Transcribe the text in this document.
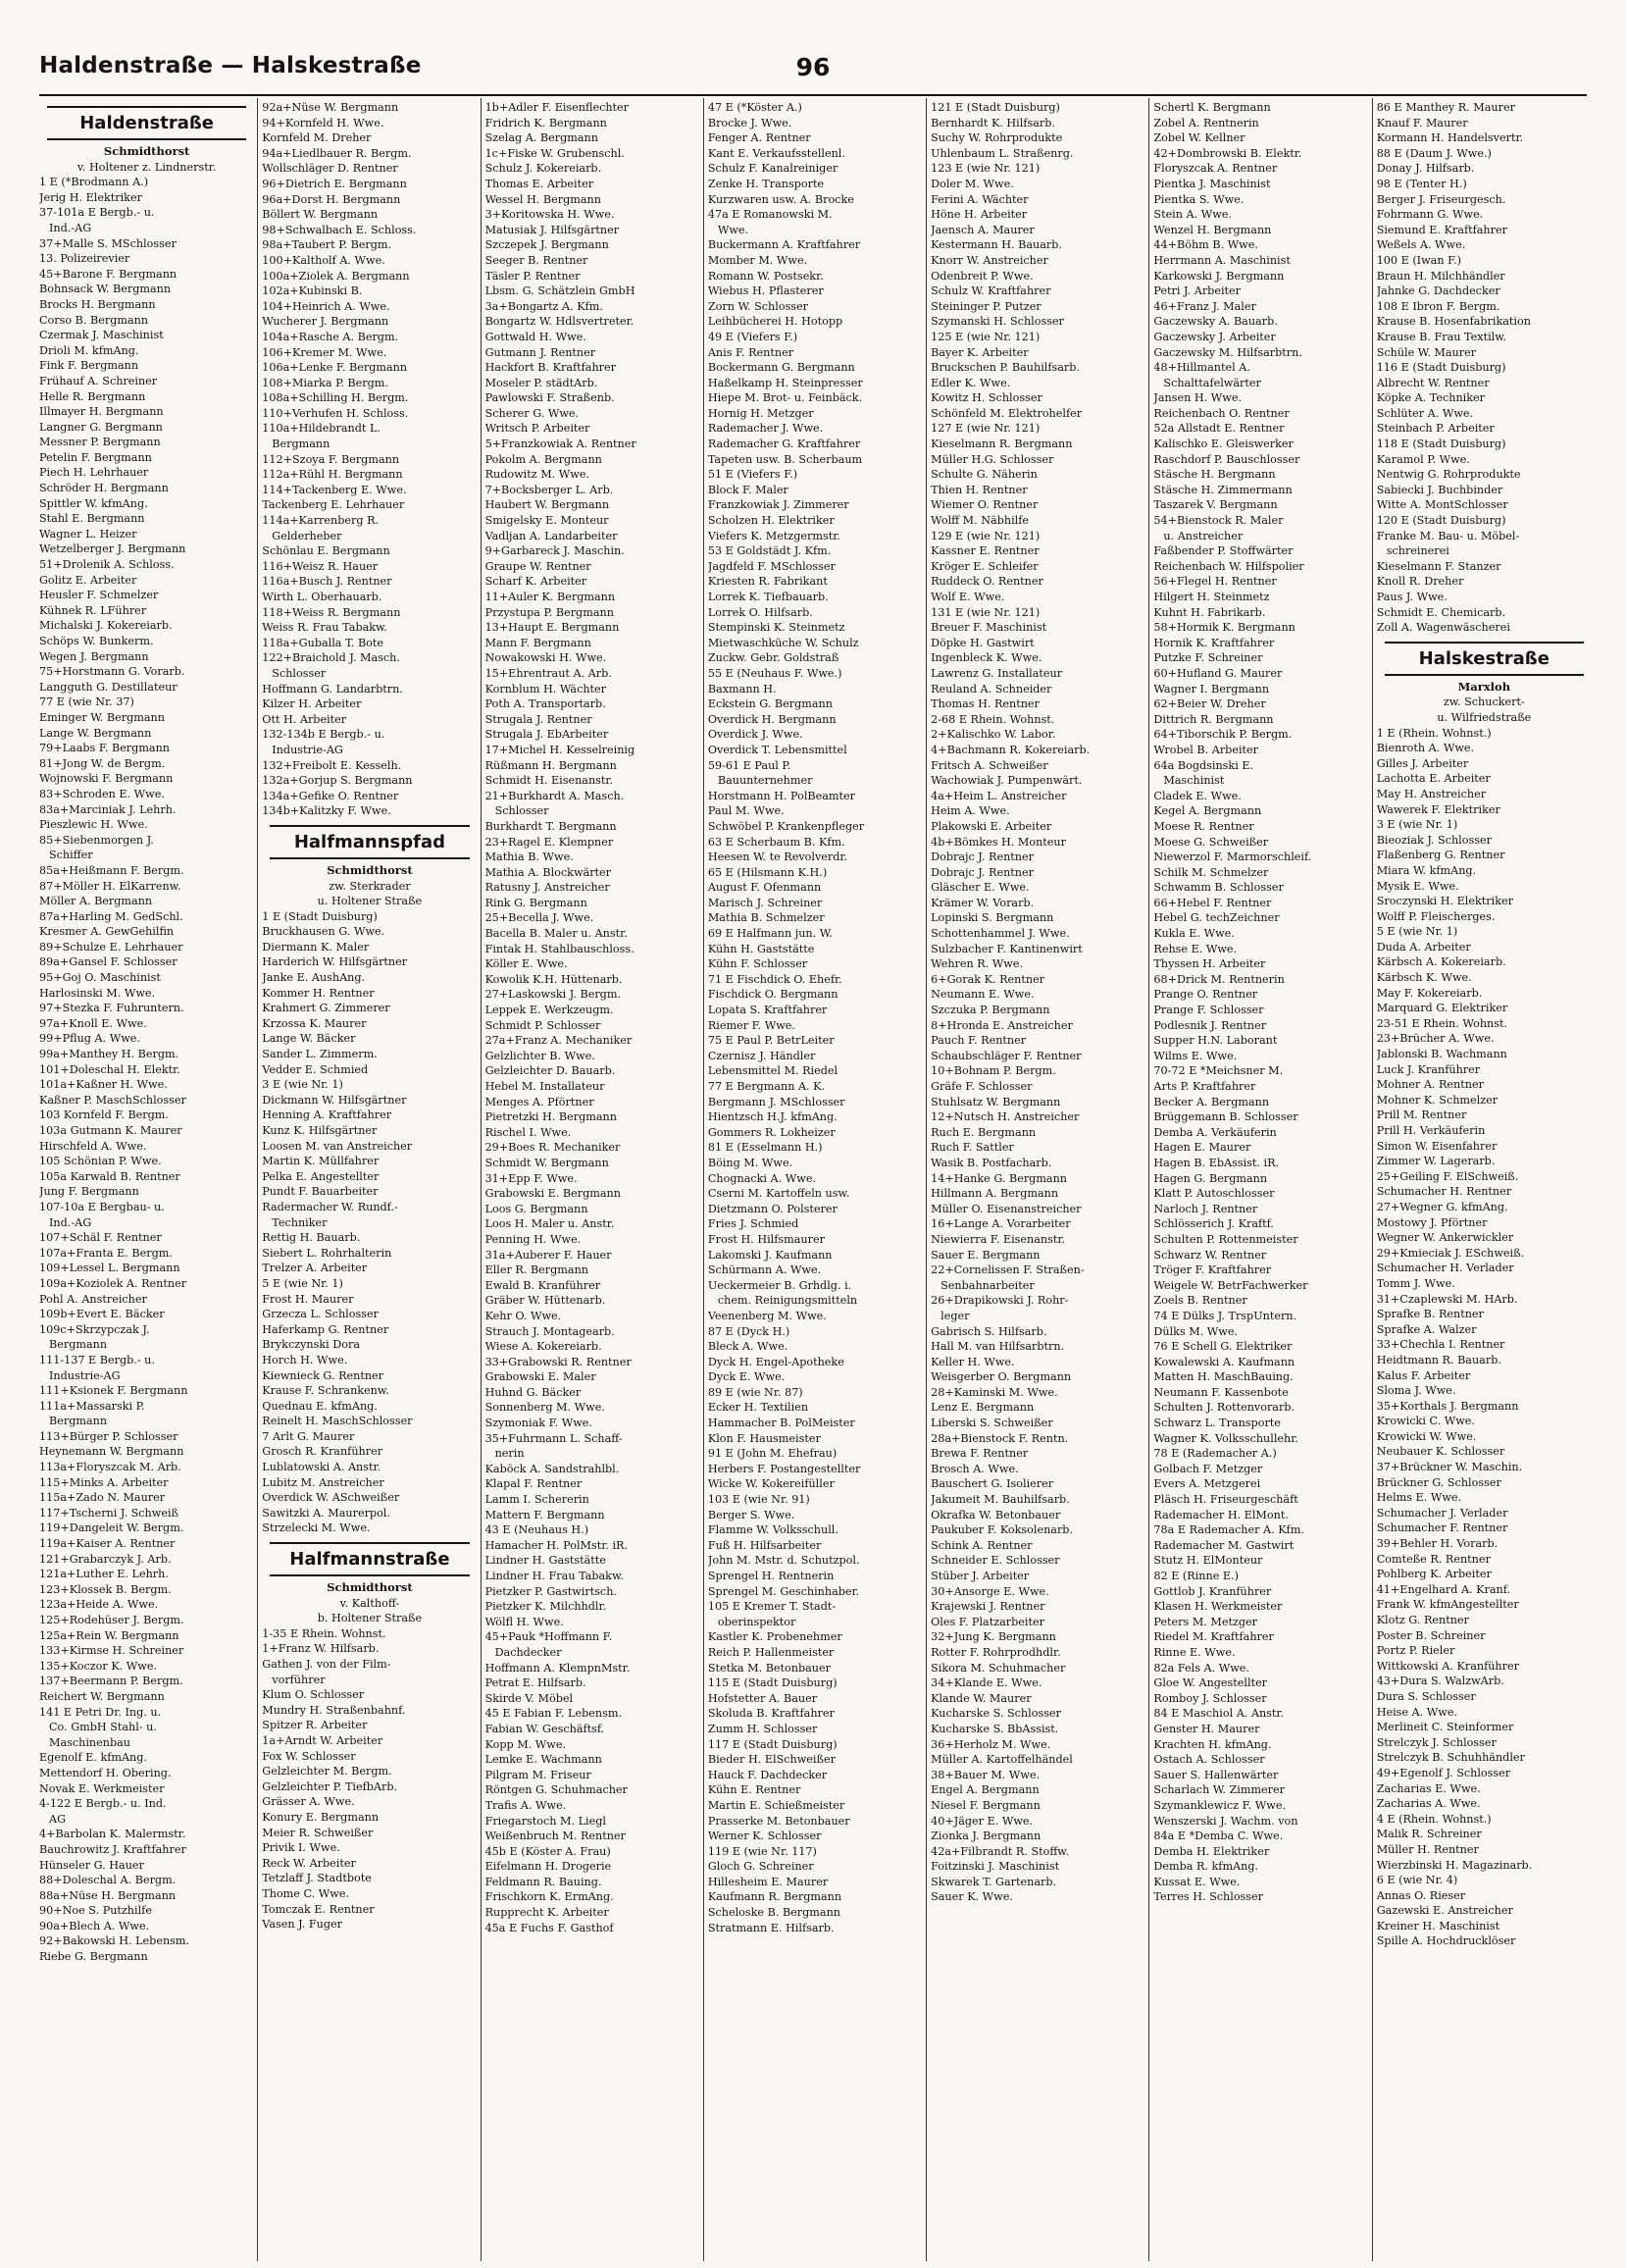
Haldenstraße — Halskestraße	96
Haldenstraße
Schmidthorst
v. Holtener z. Lindnerstr.
1 E (*Brodmann A.)
Jerig H. Elektriker
37-101a E Bergb.- u.
Ind.-AG
37+Malle S. MSchlosser
13. Polizeirevier
45+Barone F. Bergmann
Bohnsack W. Bergmann
Brocks H. Bergmann
Corso B. Bergmann
Czermak J. Maschinist
Drioli M. kfmAng.
Fink F. Bergmann
Frühauf A. Schreiner
Helle R. Bergmann
Illmayer H. Bergmann
Langner G. Bergmann
Messner P. Bergmann
Petelin F. Bergmann
Piech H. Lehrhauer
Schröder H. Bergmann
Spittler W. kfmAng.
Stahl E. Bergmann
Wagner L. Heizer
Wetzelberger J. Bergmann
51+Drolenik A. Schloss.
Golitz E. Arbeiter
Heusler F. Schmelzer
Kühnek R. LFührer
Michalski J. Kokereiarb.
Schöps W. Bunkerm.
Wegen J. Bergmann
75+Horstmann G. Vorarb.
Langguth G. Destillateur
77 E (wie Nr. 37)
Eminger W. Bergmann
Lange W. Bergmann
79+Laabs F. Bergmann
81+Jong W. de Bergm.
Wojnowski F. Bergmann
83+Schroden E. Wwe.
83a+Marciniak J. Lehrh.
Pieszlewic H. Wwe.
85+Siebenmorgen J.
Schiffer
85a+Heißmann F. Bergm.
87+Möller H. ElKarrenw.
Möller A. Bergmann
87a+Harling M. GedSchl.
Kresmer A. GewGehilfin
89+Schulze E. Lehrhauer
89a+Gansel F. Schlosser
95+Goj O. Maschinist
Harlosinski M. Wwe.
97+Stezka F. Fuhruntern.
97a+Knoll E. Wwe.
99+Pflug A. Wwe.
99a+Manthey H. Bergm.
101+Doleschal H. Elektr.
101a+Kaßner H. Wwe.
Kaßner P. MaschSchlosser
103 Kornfeld F. Bergm.
103a Gutmann K. Maurer
Hirschfeld A. Wwe.
105 Schönian P. Wwe.
105a Karwald B. Rentner
Jung F. Bergmann
107-10a E Bergbau- u.
Ind.-AG
107+Schäl F. Rentner
107a+Franta E. Bergm.
109+Lessel L. Bergmann
109a+Koziolek A. Rentner
Pohl A. Anstreicher
109b+Evert E. Bäcker
109c+Skrzypczak J.
Bergmann
111-137 E Bergb.- u.
Industrie-AG
111+Ksionek F. Bergmann
111a+Massarski P.
Bergmann
113+Bürger P. Schlosser
Heynemann W. Bergmann
113a+Floryszcak M. Arb.
115+Minks A. Arbeiter
115a+Zado N. Maurer
117+Tscherni J. Schweiß
119+Dangeleit W. Bergm.
119a+Kaiser A. Rentner
121+Grabarczyk J. Arb.
121a+Luther E. Lehrh.
123+Klossek B. Bergm.
123a+Heide A. Wwe.
125+Rodehüser J. Bergm.
125a+Rein W. Bergmann
133+Kirmse H. Schreiner
135+Koczor K. Wwe.
137+Beermann P. Bergm.
Reichert W. Bergmann
141 E Petri Dr. Ing. u.
Co. GmbH Stahl- u.
Maschinenbau
Egenolf E. kfmAng.
Mettendorf H. Obering.
Novak E. Werkmeister
4-122 E Bergb.- u. Ind.
AG
4+Barbolan K. Malermstr.
Bauchrowitz J. Kraftfahrer
Hünseler G. Hauer
88+Doleschal A. Bergm.
88a+Nüse H. Bergmann
90+Noe S. Putzhilfe
90a+Blech A. Wwe.
92+Bakowski H. Lebensm.
Riebe G. Bergmann
92a+Nüse W. Bergmann
94+Kornfeld H. Wwe.
Kornfeld M. Dreher
94a+Liedlbauer R. Bergm.
Wollschläger D. Rentner
96+Dietrich E. Bergmann
96a+Dorst H. Bergmann
Böllert W. Bergmann
98+Schwalbach E. Schloss.
98a+Taubert P. Bergm.
100+Kaltholf A. Wwe.
100a+Ziolek A. Bergmann
102a+Kubinski B.
104+Heinrich A. Wwe.
Wucherer J. Bergmann
104a+Rasche A. Bergm.
106+Kremer M. Wwe.
106a+Lenke F. Bergmann
108+Miarka P. Bergm.
108a+Schilling H. Bergm.
110+Verhufen H. Schloss.
110a+Hildebrandt L.
Bergmann
112+Szoya F. Bergmann
112a+Rühl H. Bergmann
114+Tackenberg E. Wwe.
Tackenberg E. Lehrhauer
114a+Karrenberg R.
Gelderheber
Schönlau E. Bergmann
116+Weisz R. Hauer
116a+Busch J. Rentner
Wirth L. Oberhauarb.
118+Weiss R. Bergmann
Weiss R. Frau Tabakw.
118a+Guballa T. Bote
122+Braichold J. Masch.
Schlosser
Hoffmann G. Landarbtrn.
Kilzer H. Arbeiter
Ott H. Arbeiter
132-134b E Bergb.- u.
Industrie-AG
132+Freibolt E. Kesselh.
132a+Gorjup S. Bergmann
134a+Gefike O. Rentner
134b+Kalitzky F. Wwe.
Halfmannspfad
Schmidthorst
zw. Sterkrader
u. Holtener Straße
1 E (Stadt Duisburg)
Bruckhausen G. Wwe.
Diermann K. Maler
Harderich W. Hilfsgärtner
Janke E. AushAng.
Kommer H. Rentner
Krahmert G. Zimmerer
Krzossa K. Maurer
Lange W. Bäcker
Sander L. Zimmerm.
Vedder E. Schmied
3 E (wie Nr. 1)
Dickmann W. Hilfsgärtner
Henning A. Kraftfahrer
Kunz K. Hilfsgärtner
Loosen M. van Anstreicher
Martin K. Müllfahrer
Pelka E. Angestellter
Pundt F. Bauarbeiter
Radermacher W. Rundf.-
Techniker
Rettig H. Bauarb.
Siebert L. Rohrhalterin
Trelzer A. Arbeiter
5 E (wie Nr. 1)
Frost H. Maurer
Grzecza L. Schlosser
Haferkamp G. Rentner
Brykczynski Dora
Horch H. Wwe.
Kiewnieck G. Rentner
Krause F. Schrankenw.
Quednau E. kfmAng.
Reinelt H. MaschSchlosser
7 Arlt G. Maurer
Grosch R. Kranführer
Lublatowski A. Anstr.
Lubitz M. Anstreicher
Overdick W. ASchweißer
Sawitzki A. Maurerpol.
Strzelecki M. Wwe.
Halfmannstraße
Schmidthorst
v. Kalthoff-
b. Holtener Straße
1-35 E Rhein. Wohnst.
1+Franz W. Hilfsarb.
Gathen J. von der Film-
vorführer
Klum O. Schlosser
Mundry H. Straßenbahnf.
Spitzer R. Arbeiter
1a+Arndt W. Arbeiter
Fox W. Schlosser
Gelzleichter M. Bergm.
Gelzleichter P. TiefbArb.
Grässer A. Wwe.
Konury E. Bergmann
Meier R. Schweißer
Privik I. Wwe.
Reck W. Arbeiter
Tetzlaff J. Stadtbote
Thome C. Wwe.
Tomczak E. Rentner
Vasen J. Fuger
1b+Adler F. Eisenflechter
Fridrich K. Bergmann
Szelag A. Bergmann
1c+Fiske W. Grubenschl.
Schulz J. Kokereiarb.
Thomas E. Arbeiter
Wessel H. Bergmann
3+Koritowska H. Wwe.
Matusiak J. Hilfsgärtner
Szczepek J. Bergmann
Seeger B. Rentner
Täsler P. Rentner
Lbsm. G. Schätzlein GmbH
3a+Bongartz A. Kfm.
Bongartz W. Hdlsvertreter.
Gottwald H. Wwe.
Gutmann J. Rentner
Hackfort B. Kraftfahrer
Moseler P. städtArb.
Pawlowski F. Straßenb.
Scherer G. Wwe.
Writsch P. Arbeiter
5+Franzkowiak A. Rentner
Pokolm A. Bergmann
Rudowitz M. Wwe.
7+Bocksberger L. Arb.
Haubert W. Bergmann
Smigelsky E. Monteur
Vadljan A. Landarbeiter
9+Garbareck J. Maschin.
Graupe W. Rentner
Scharf K. Arbeiter
11+Auler K. Bergmann
Przystupa P. Bergmann
13+Haupt E. Bergmann
Mann F. Bergmann
Nowakowski H. Wwe.
15+Ehrentraut A. Arb.
Kornblum H. Wächter
Poth A. Transportarb.
Strugala J. Rentner
Strugala J. EbArbeiter
17+Michel H. Kesselreinig
Rüßmann H. Bergmann
Schmidt H. Eisenanstr.
21+Burkhardt A. Masch.
Schlosser
Burkhardt T. Bergmann
23+Ragel E. Klempner
Mathia B. Wwe.
Mathia A. Blockwärter
Ratusny J. Anstreicher
Rink G. Bergmann
25+Becella J. Wwe.
Bacella B. Maler u. Anstr.
Fintak H. Stahlbauschloss.
Köller E. Wwe.
Kowolik K.H. Hüttenarb.
27+Laskowski J. Bergm.
Leppek E. Werkzeugm.
Schmidt P. Schlosser
27a+Franz A. Mechaniker
Gelzlichter B. Wwe.
Gelzleichter D. Bauarb.
Hebel M. Installateur
Menges A. Pförtner
Pietretzki H. Bergmann
Rischel I. Wwe.
29+Boes R. Mechaniker
Schmidt W. Bergmann
31+Epp F. Wwe.
Grabowski E. Bergmann
Loos G. Bergmann
Loos H. Maler u. Anstr.
Penning H. Wwe.
31a+Auberer F. Hauer
Eller R. Bergmann
Ewald B. Kranführer
Gräber W. Hüttenarb.
Kehr O. Wwe.
Strauch J. Montagearb.
Wiese A. Kokereiarb.
33+Grabowski R. Rentner
Grabowski E. Maler
Huhnd G. Bäcker
Sonnenberg M. Wwe.
Szymoniak F. Wwe.
35+Fuhrmann L. Schaff-
nerin
Kaböck A. Sandstrahlbl.
Klapal F. Rentner
Lamm I. Schererin
Mattern F. Bergmann
43 E (Neuhaus H.)
Hamacher H. PolMstr. iR.
Lindner H. Gaststätte
Lindner H. Frau Tabakw.
Pietzker P. Gastwirtsch.
Pietzker K. Milchhdlr.
Wölfl H. Wwe.
45+Pauk *Hoffmann F.
Dachdecker
Hoffmann A. KlempnMstr.
Petrat E. Hilfsarb.
Skirde V. Möbel
45 E Fabian F. Lebensm.
Fabian W. Geschäftsf.
Kopp M. Wwe.
Lemke E. Wachmann
Pilgram M. Friseur
Röntgen G. Schuhmacher
Trafis A. Wwe.
Friegarstoch M. Liegl
Weißenbruch M. Rentner
45b E (Köster A. Frau)
Eifelmann H. Drogerie
Feldmann R. Bauing.
Frischkorn K. ErmAng.
Rupprecht K. Arbeiter
45a E Fuchs F. Gasthof
47 E (*Köster A.)
Brocke J. Wwe.
Fenger A. Rentner
Kant E. Verkaufsstellenl.
Schulz F. Kanalreiniger
Zenke H. Transporte
Kurzwaren usw. A. Brocke
47a E Romanowski M.
Wwe.
Buckermann A. Kraftfahrer
Momber M. Wwe.
Romann W. Postsekr.
Wiebus H. Pflasterer
Zorn W. Schlosser
Leihbücherei H. Hotopp
49 E (Viefers F.)
Anis F. Rentner
Bockermann G. Bergmann
Haßelkamp H. Steinpresser
Hiepe M. Brot- u. Feinbäck.
Hornig H. Metzger
Rademacher J. Wwe.
Rademacher G. Kraftfahrer
Tapeten usw. B. Scherbaum
51 E (Viefers F.)
Block F. Maler
Franzkowiak J. Zimmerer
Scholzen H. Elektriker
Viefers K. Metzgermstr.
53 E Goldstädt J. Kfm.
Jagdfeld F. MSchlosser
Kriesten R. Fabrikant
Lorrek K. Tiefbauarb.
Lorrek O. Hilfsarb.
Stempinski K. Steinmetz
Mietwaschküche W. Schulz
Zuckw. Gebr. Goldstraß
55 E (Neuhaus F. Wwe.)
Baxmann H.
Eckstein G. Bergmann
Overdick H. Bergmann
Overdick J. Wwe.
Overdick T. Lebensmittel
59-61 E Paul P.
Bauunternehmer
Horstmann H. PolBeamter
Paul M. Wwe.
Schwöbel P. Krankenpfleger
63 E Scherbaum B. Kfm.
Heesen W. te Revolverdr.
65 E (Hilsmann K.H.)
August F. Ofenmann
Marisch J. Schreiner
Mathia B. Schmelzer
69 E Halfmann jun. W.
Kühn H. Gaststätte
Kühn F. Schlosser
71 E Fischdick O. Ehefr.
Fischdick O. Bergmann
Lopata S. Kraftfahrer
Riemer F. Wwe.
75 E Paul P. BetrLeiter
Czernisz J. Händler
Lebensmittel M. Riedel
77 E Bergmann A. K.
Bergmann J. MSchlosser
Hientzsch H.J. kfmAng.
Gommers R. Lokheizer
81 E (Esselmann H.)
Böing M. Wwe.
Chognacki A. Wwe.
Cserni M. Kartoffeln usw.
Dietzmann O. Polsterer
Fries J. Schmied
Frost H. Hilfsmaurer
Lakomski J. Kaufmann
Schürmann A. Wwe.
Ueckermeier B. Grhdlg. i.
chem. Reinigungsmitteln
Veenenberg M. Wwe.
87 E (Dyck H.)
Bleck A. Wwe.
Dyck H. Engel-Apotheke
Dyck E. Wwe.
89 E (wie Nr. 87)
Ecker H. Textilien
Hammacher B. PolMeister
Klon F. Hausmeister
91 E (John M. Ehefrau)
Herbers F. Postangestellter
Wicke W. Kokereifüller
103 E (wie Nr. 91)
Berger S. Wwe.
Flamme W. Volksschull.
Fuß H. Hilfsarbeiter
John M. Mstr. d. Schutzpol.
Sprengel H. Rentnerin
Sprengel M. Geschinhaber.
105 E Kremer T. Stadt-
oberinspektor
Kastler K. Probenehmer
Reich P. Hallenmeister
Stetka M. Betonbauer
115 E (Stadt Duisburg)
Hofstetter A. Bauer
Skoluda B. Kraftfahrer
Zumm H. Schlosser
117 E (Stadt Duisburg)
Bieder H. ElSchweißer
Hauck F. Dachdecker
Kühn E. Rentner
Martin E. Schießmeister
Prasserke M. Betonbauer
Werner K. Schlosser
119 E (wie Nr. 117)
Gloch G. Schreiner
Hillesheim E. Maurer
Kaufmann R. Bergmann
Scheloske B. Bergmann
Stratmann E. Hilfsarb.
121 E (Stadt Duisburg)
Bernhardt K. Hilfsarb.
Suchy W. Rohrprodukte
Uhlenbaum L. Straßenrg.
123 E (wie Nr. 121)
Doler M. Wwe.
Ferini A. Wächter
Höne H. Arbeiter
Jaensch A. Maurer
Kestermann H. Bauarb.
Knorr W. Anstreicher
Odenbreit P. Wwe.
Schulz W. Kraftfahrer
Steininger P. Putzer
Szymanski H. Schlosser
125 E (wie Nr. 121)
Bayer K. Arbeiter
Bruckschen P. Bauhilfsarb.
Edler K. Wwe.
Kowitz H. Schlosser
Schönfeld M. Elektrohelfer
127 E (wie Nr. 121)
Kieselmann R. Bergmann
Müller H.G. Schlosser
Schulte G. Näherin
Thien H. Rentner
Wiemer O. Rentner
Wolff M. Näbhilfe
129 E (wie Nr. 121)
Kassner E. Rentner
Kröger E. Schleifer
Ruddeck O. Rentner
Wolf E. Wwe.
131 E (wie Nr. 121)
Breuer F. Maschinist
Döpke H. Gastwirt
Ingenbleck K. Wwe.
Lawrenz G. Installateur
Reuland A. Schneider
Thomas H. Rentner
2-68 E Rhein. Wohnst.
2+Kalischko W. Labor.
4+Bachmann R. Kokereiarb.
Fritsch A. Schweißer
Wachowiak J. Pumpenwärt.
4a+Heim L. Anstreicher
Heim A. Wwe.
Plakowski E. Arbeiter
4b+Bömkes H. Monteur
Dobrajc J. Rentner
Dobrajc J. Rentner
Gläscher E. Wwe.
Krämer W. Vorarb.
Lopinski S. Bergmann
Schottenhammel J. Wwe.
Sulzbacher F. Kantinenwirt
Wehren R. Wwe.
6+Gorak K. Rentner
Neumann E. Wwe.
Szczuka P. Bergmann
8+Hronda E. Anstreicher
Pauch F. Rentner
Schaubschläger F. Rentner
10+Bohnam P. Bergm.
Gräfe F. Schlosser
Stuhlsatz W. Bergmann
12+Nutsch H. Anstreicher
Ruch E. Bergmann
Ruch F. Sattler
Wasik B. Postfacharb.
14+Hanke G. Bergmann
Hillmann A. Bergmann
Müller O. Eisenanstreicher
16+Lange A. Vorarbeiter
Niewierra F. Eisenanstr.
Sauer E. Bergmann
22+Cornelissen F. Straßen-
Senbahnarbeiter
26+Drapikowski J. Rohr-
leger
Gabrisch S. Hilfsarb.
Hall M. van Hilfsarbtrn.
Keller H. Wwe.
Weisgerber O. Bergmann
28+Kaminski M. Wwe.
Lenz E. Bergmann
Liberski S. Schweißer
28a+Bienstock F. Rentn.
Brewa F. Rentner
Brosch A. Wwe.
Bauschert G. Isolierer
Jakumeit M. Bauhilfsarb.
Okrafka W. Betonbauer
Paukuber F. Koksolenarb.
Schink A. Rentner
Schneider E. Schlosser
Stüber J. Arbeiter
30+Ansorge E. Wwe.
Krajewski J. Rentner
Oles F. Platzarbeiter
32+Jung K. Bergmann
Rotter F. Rohrprodhdlr.
Sikora M. Schuhmacher
34+Klande E. Wwe.
Klande W. Maurer
Kucharske S. Schlosser
Kucharske S. BbAssist.
36+Herholz M. Wwe.
Müller A. Kartoffelhändel
38+Bauer M. Wwe.
Engel A. Bergmann
Niesel F. Bergmann
40+Jäger E. Wwe.
Zionka J. Bergmann
42a+Filbrandt R. Stoffw.
Foitzinski J. Maschinist
Skwarek T. Gartenarb.
Sauer K. Wwe.
Schertl K. Bergmann
Zobel A. Rentnerin
Zobel W. Kellner
42+Dombrowski B. Elektr.
Floryszcak A. Rentner
Pientka J. Maschinist
Pientka S. Wwe.
Stein A. Wwe.
Wenzel H. Bergmann
44+Böhm B. Wwe.
Herrmann A. Maschinist
Karkowski J. Bergmann
Petri J. Arbeiter
46+Franz J. Maler
Gaczewsky A. Bauarb.
Gaczewsky J. Arbeiter
Gaczewsky M. Hilfsarbtrn.
48+Hillmantel A.
Schalttafelwärter
Jansen H. Wwe.
Reichenbach O. Rentner
52a Allstadt E. Rentner
Kalischko E. Gleiswerker
Raschdorf P. Bauschlosser
Stäsche H. Bergmann
Stäsche H. Zimmermann
Taszarek V. Bergmann
54+Bienstock R. Maler
u. Anstreicher
Faßbender P. Stoffwärter
Reichenbach W. Hilfspolier
56+Flegel H. Rentner
Hilgert H. Steinmetz
Kuhnt H. Fabrikarb.
58+Hormik K. Bergmann
Hornik K. Kraftfahrer
Putzke F. Schreiner
60+Hufland G. Maurer
Wagner I. Bergmann
62+Beier W. Dreher
Dittrich R. Bergmann
64+Tiborschik P. Bergm.
Wrobel B. Arbeiter
64a Bogdsinski E.
Maschinist
Cladek E. Wwe.
Kegel A. Bergmann
Moese R. Rentner
Moese G. Schweißer
Niewerzol F. Marmorschleif.
Schilk M. Schmelzer
Schwamm B. Schlosser
66+Hebel F. Rentner
Hebel G. techZeichner
Kukla E. Wwe.
Rehse E. Wwe.
Thyssen H. Arbeiter
68+Drick M. Rentnerin
Prange O. Rentner
Prange F. Schlosser
Podlesnik J. Rentner
Supper H.N. Laborant
Wilms E. Wwe.
70-72 E *Meichsner M.
Arts P. Kraftfahrer
Becker A. Bergmann
Brüggemann B. Schlosser
Demba A. Verkäuferin
Hagen E. Maurer
Hagen B. EbAssist. iR.
Hagen G. Bergmann
Klatt P. Autoschlosser
Narloch J. Rentner
Schlösserich J. Kraftf.
Schulten P. Rottenmeister
Schwarz W. Rentner
Tröger F. Kraftfahrer
Weigele W. BetrFachwerker
Zoels B. Rentner
74 E Dülks J. TrspUntern.
Dülks M. Wwe.
76 E Schell G. Elektriker
Kowalewski A. Kaufmann
Matten H. MaschBauing.
Neumann F. Kassenbote
Schulten J. Rottenvorarb.
Schwarz L. Transporte
Wagner K. Volksschullehr.
78 E (Rademacher A.)
Golbach F. Metzger
Evers A. Metzgerei
Pläsch H. Friseurgeschäft
Rademacher H. ElMont.
78a E Rademacher A. Kfm.
Rademacher M. Gastwirt
Stutz H. ElMonteur
82 E (Rinne E.)
Gottlob J. Kranführer
Klasen H. Werkmeister
Peters M. Metzger
Riedel M. Kraftfahrer
Rinne E. Wwe.
82a Fels A. Wwe.
Gloe W. Angestellter
Romboy J. Schlosser
84 E Maschiol A. Anstr.
Genster H. Maurer
Krachten H. kfmAng.
Ostach A. Schlosser
Sauer S. Hallenwärter
Scharlach W. Zimmerer
Szymanklewicz F. Wwe.
Wenszerski J. Wachm. von
84a E *Demba C. Wwe.
Demba H. Elektriker
Demba R. kfmAng.
Kussat E. Wwe.
Terres H. Schlosser
86 E Manthey R. Maurer
Knauf F. Maurer
Kormann H. Handelsvertr.
88 E (Daum J. Wwe.)
Donay J. Hilfsarb.
98 E (Tenter H.)
Berger J. Friseurgesch.
Fohrmann G. Wwe.
Siemund E. Kraftfahrer
Weßels A. Wwe.
100 E (Iwan F.)
Braun H. Milchhändler
Jahnke G. Dachdecker
108 E Ibron F. Bergm.
Krause B. Hosenfabrikation
Krause B. Frau Textilw.
Schüle W. Maurer
116 E (Stadt Duisburg)
Albrecht W. Rentner
Köpke A. Techniker
Schlüter A. Wwe.
Steinbach P. Arbeiter
118 E (Stadt Duisburg)
Karamol P. Wwe.
Nentwig G. Rohrprodukte
Sabiecki J. Buchbinder
Witte A. MontSchlosser
120 E (Stadt Duisburg)
Franke M. Bau- u. Möbel-
schreinerei
Kieselmann F. Stanzer
Knoll R. Dreher
Paus J. Wwe.
Schmidt E. Chemicarb.
Zoll A. Wagenwäscherei
Halskestraße
Marxloh
zw. Schuckert-
u. Wilfriedstraße
1 E (Rhein. Wohnst.)
Bienroth A. Wwe.
Gilles J. Arbeiter
Lachotta E. Arbeiter
May H. Anstreicher
Wawerek F. Elektriker
3 E (wie Nr. 1)
Bieoziak J. Schlosser
Flaßenberg G. Rentner
Miara W. kfmAng.
Mysik E. Wwe.
Sroczynski H. Elektriker
Wolff P. Fleischerges.
5 E (wie Nr. 1)
Duda A. Arbeiter
Kärbsch A. Kokereiarb.
Kärbsch K. Wwe.
May F. Kokereiarb.
Marquard G. Elektriker
23-51 E Rhein. Wohnst.
23+Brücher A. Wwe.
Jablonski B. Wachmann
Luck J. Kranführer
Mohner A. Rentner
Mohner K. Schmelzer
Prill M. Rentner
Prill H. Verkäuferin
Simon W. Eisenfahrer
Zimmer W. Lagerarb.
25+Geiling F. ElSchweiß.
Schumacher H. Rentner
27+Wegner G. kfmAng.
Mostowy J. Pförtner
Wegner W. Ankerwickler
29+Kmieciak J. ESchweiß.
Schumacher H. Verlader
Tomm J. Wwe.
31+Czaplewski M. HArb.
Sprafke B. Rentner
Sprafke A. Walzer
33+Chechla I. Rentner
Heidtmann R. Bauarb.
Kalus F. Arbeiter
Sloma J. Wwe.
35+Korthals J. Bergmann
Krowicki C. Wwe.
Krowicki W. Wwe.
Neubauer K. Schlosser
37+Brückner W. Maschin.
Brückner G. Schlosser
Helms E. Wwe.
Schumacher J. Verlader
Schumacher F. Rentner
39+Behler H. Vorarb.
Comteße R. Rentner
Pohlberg K. Arbeiter
41+Engelhard A. Kranf.
Frank W. kfmAngestellter
Klotz G. Rentner
Poster B. Schreiner
Portz P. Rieler
Wittkowski A. Kranführer
43+Dura S. WalzwArb.
Dura S. Schlosser
Heise A. Wwe.
Merlineit C. Steinformer
Strelczyk J. Schlosser
Strelczyk B. Schuhhändler
49+Egenolf J. Schlosser
Zacharias E. Wwe.
Zacharias A. Wwe.
4 E (Rhein. Wohnst.)
Malik R. Schreiner
Müller H. Rentner
Wierzbinski H. Magazinarb.
6 E (wie Nr. 4)
Annas O. Rieser
Gazewski E. Anstreicher
Kreiner H. Maschinist
Spille A. Hochdrucklöser
